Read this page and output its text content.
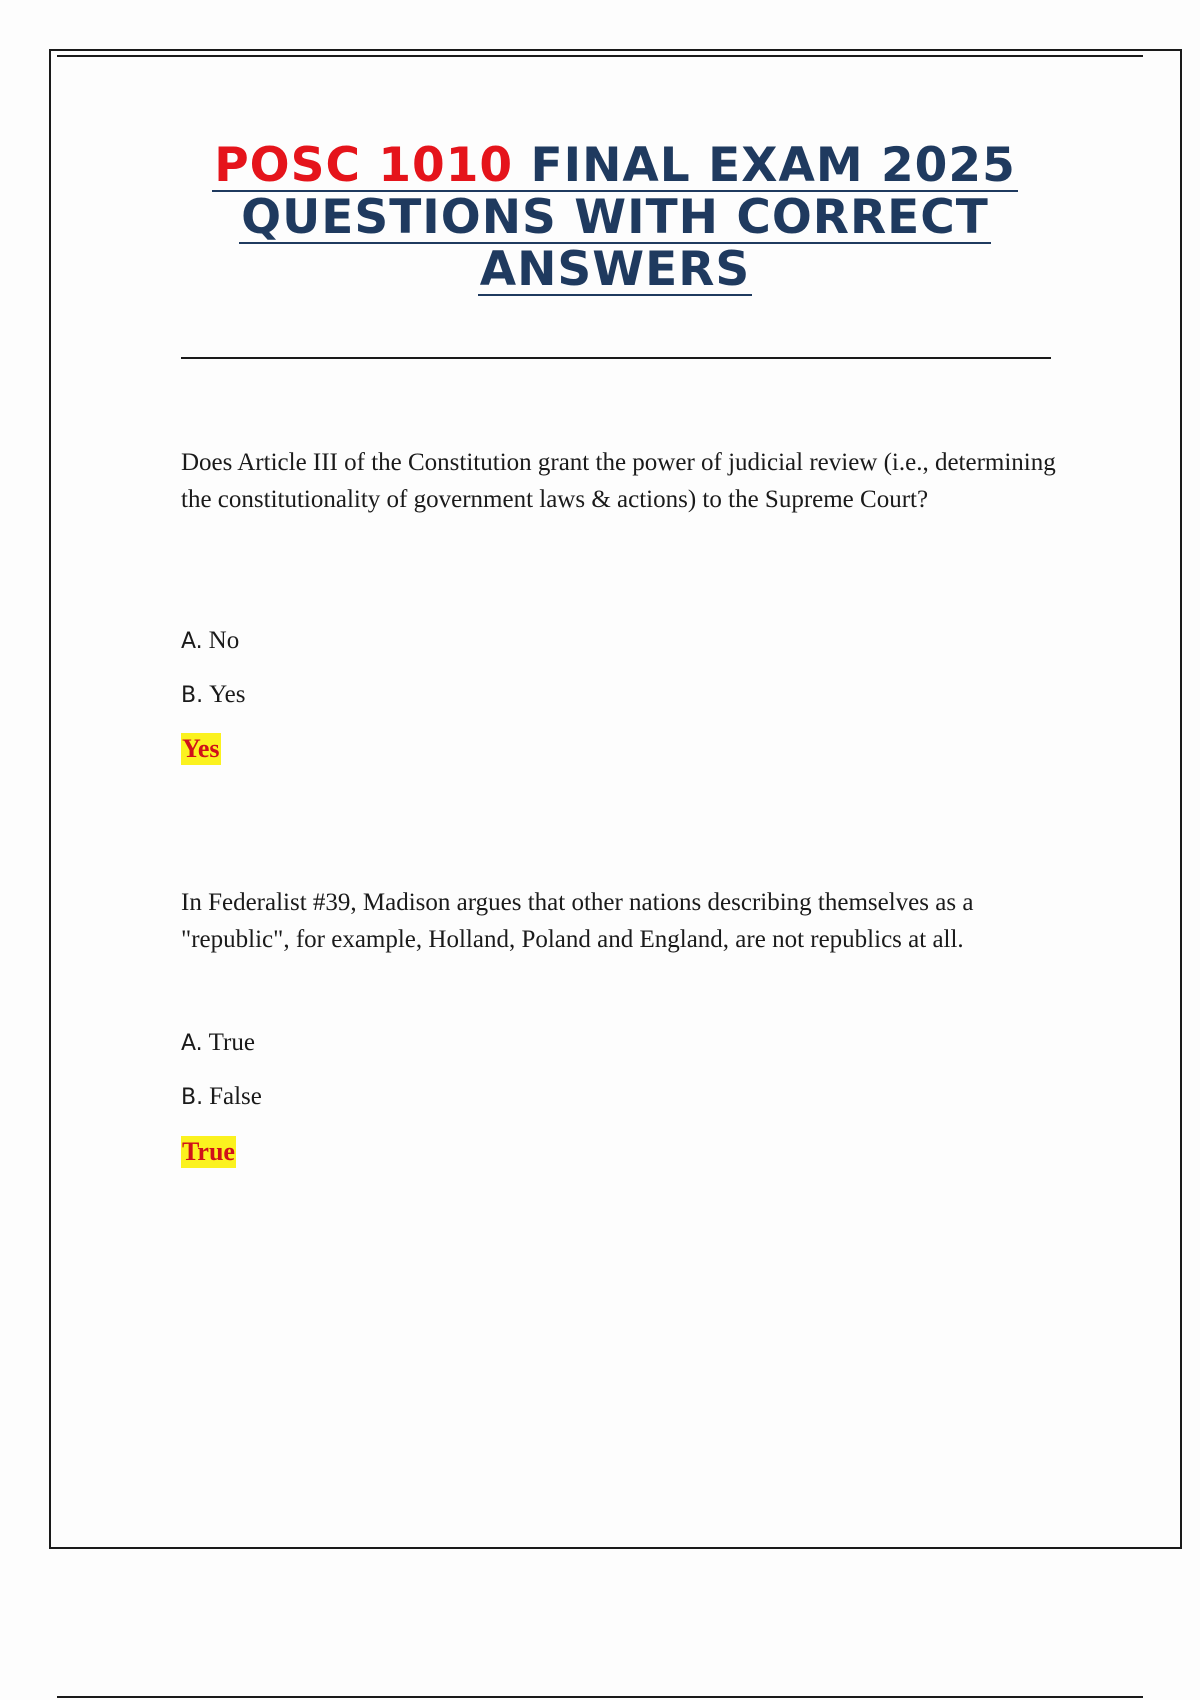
POSC 1010 FINAL EXAM 2025
QUESTIONS WITH CORRECT
ANSWERS
Does Article III of the Constitution grant the power of judicial review (i.e., determining the constitutionality of government laws & actions) to the Supreme Court?
A. No
B. Yes
Yes
In Federalist #39, Madison argues that other nations describing themselves as a "republic", for example, Holland, Poland and England, are not republics at all.
A. True
B. False
True
